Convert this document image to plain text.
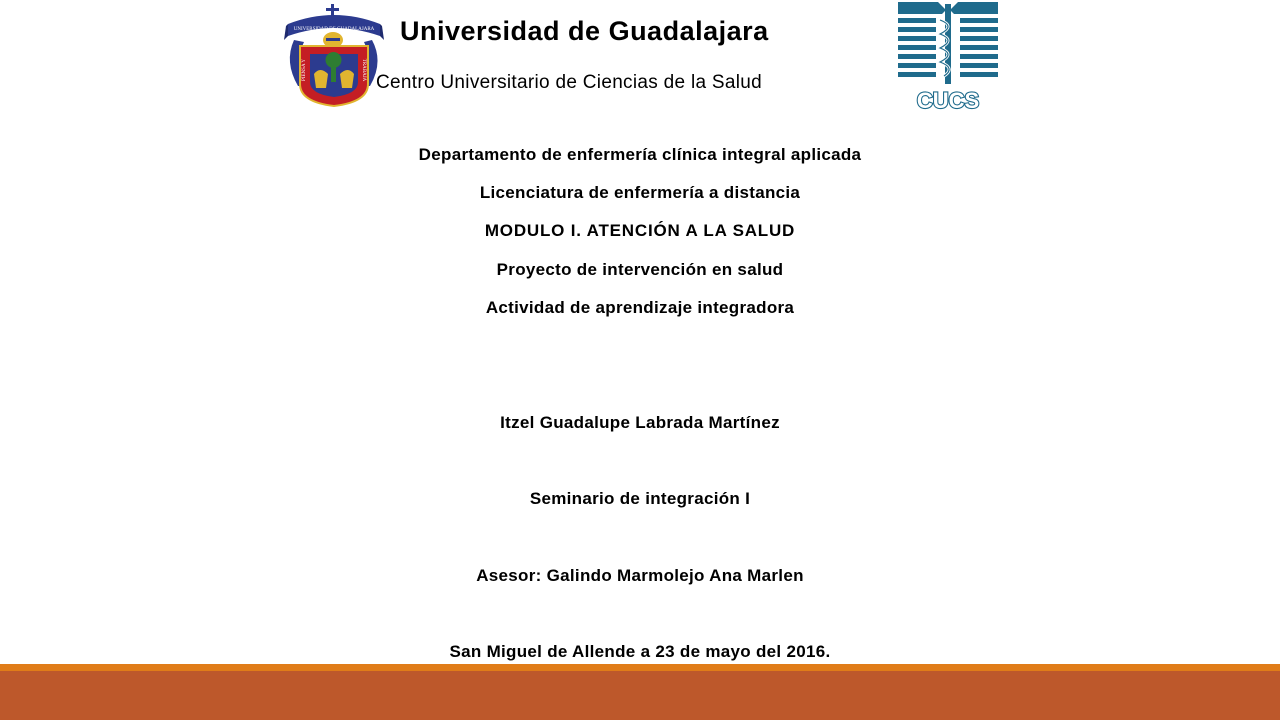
UNIVERSIDAD DE GUADALAJARA
PIENSA Y	TRABAJA
Universidad de Guadalajara
Centro Universitario de Ciencias de la Salud
CUCS
Departamento de enfermería clínica integral aplicada
Licenciatura de enfermería a distancia
MODULO I. ATENCIÓN A LA SALUD
Proyecto de intervención en salud
Actividad de aprendizaje integradora
Itzel Guadalupe Labrada Martínez
Seminario de integración I
Asesor: Galindo Marmolejo Ana Marlen
San Miguel de Allende a 23 de mayo del 2016.
